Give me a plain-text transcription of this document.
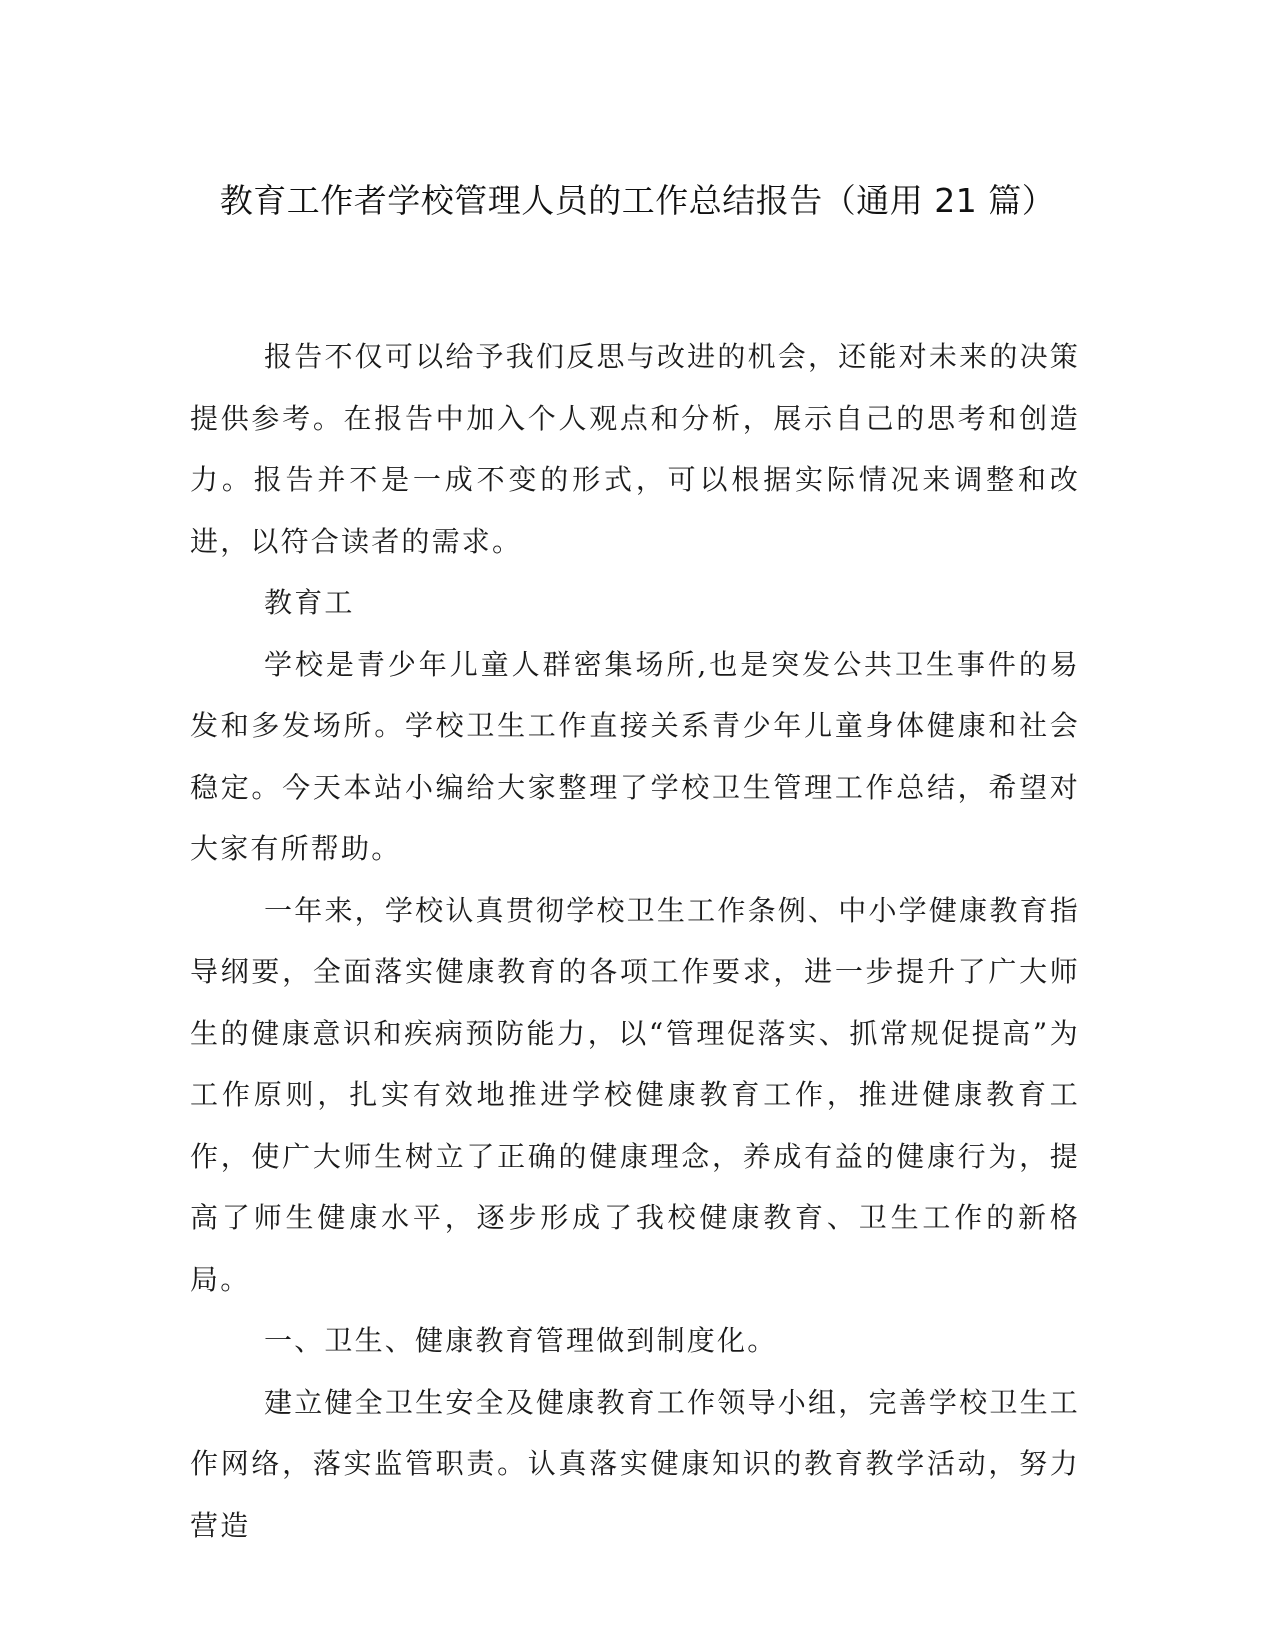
教育工作者学校管理人员的工作总结报告（通用 21 篇）

报告不仅可以给予我们反思与改进的机会，还能对未来的决策提供参考。在报告中加入个人观点和分析，展示自己的思考和创造力。报告并不是一成不变的形式，可以根据实际情况来调整和改进，以符合读者的需求。

教育工

学校是青少年儿童人群密集场所,也是突发公共卫生事件的易发和多发场所。学校卫生工作直接关系青少年儿童身体健康和社会稳定。今天本站小编给大家整理了学校卫生管理工作总结，希望对大家有所帮助。

一年来，学校认真贯彻学校卫生工作条例、中小学健康教育指导纲要，全面落实健康教育的各项工作要求，进一步提升了广大师生的健康意识和疾病预防能力，以“管理促落实、抓常规促提高”为工作原则，扎实有效地推进学校健康教育工作，推进健康教育工作，使广大师生树立了正确的健康理念，养成有益的健康行为，提高了师生健康水平，逐步形成了我校健康教育、卫生工作的新格局。

一、卫生、健康教育管理做到制度化。

建立健全卫生安全及健康教育工作领导小组，完善学校卫生工作网络，落实监管职责。认真落实健康知识的教育教学活动，努力营造
